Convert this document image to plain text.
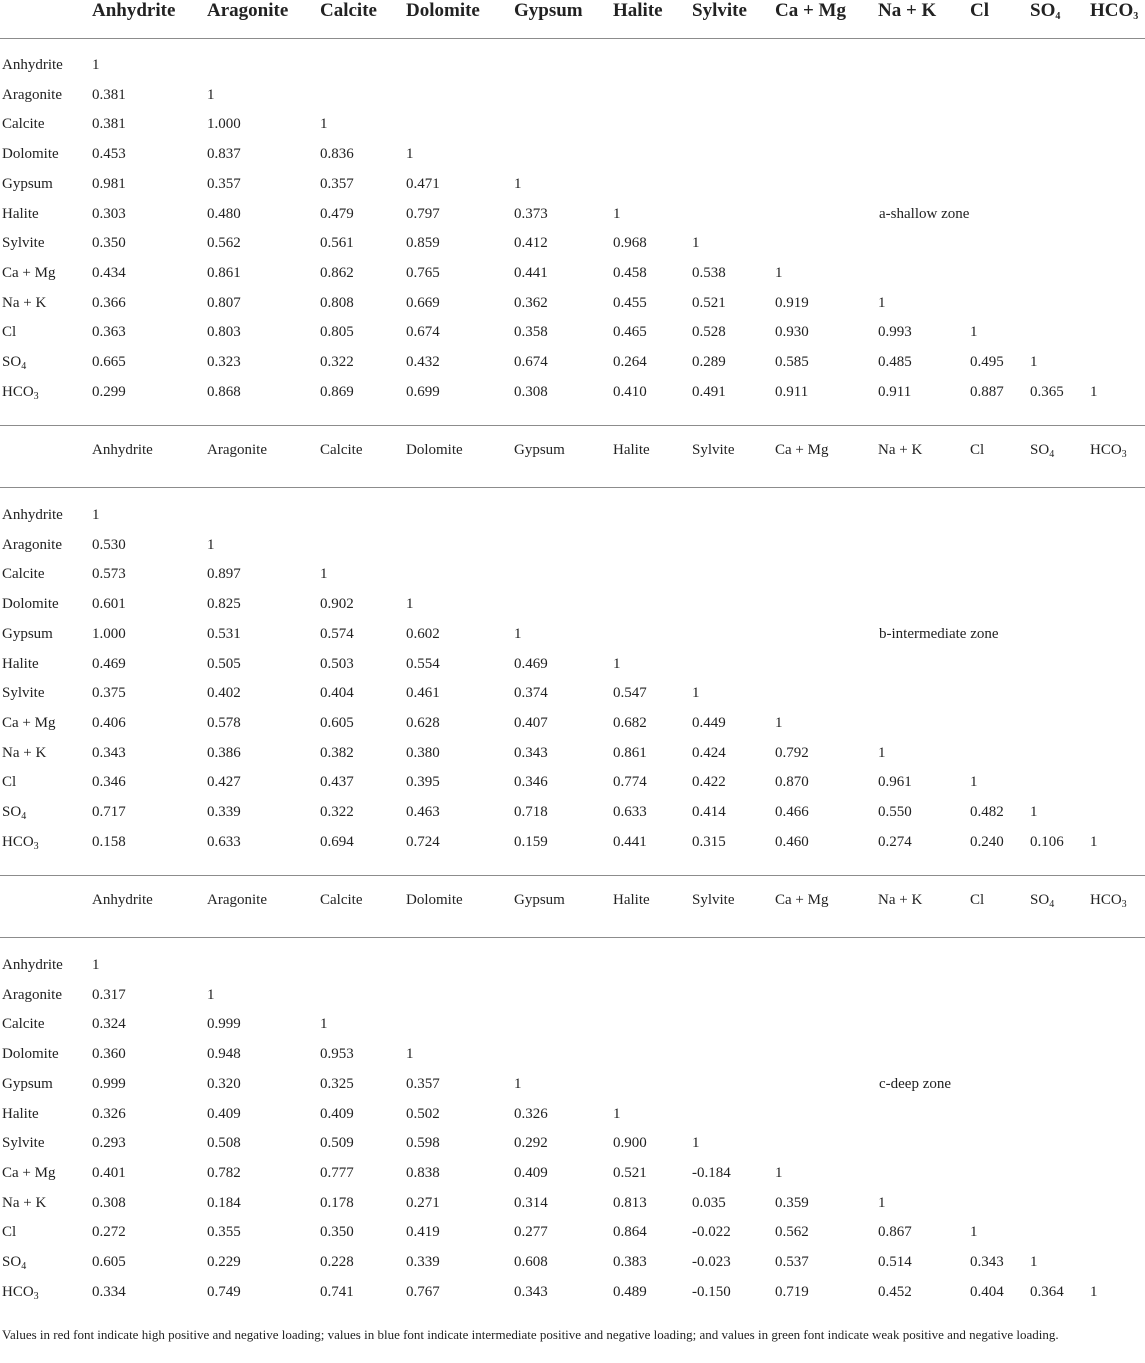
Anhydrite Aragonite Calcite Dolomite Gypsum Halite Sylvite Ca + Mg Na + K Cl $SO_4$ $HCO_3$
Anhydrite 1
Aragonite 0.381	1
Calcite	0.381	1.000	1
Dolomite 0.453	0.837	0.836	1
Gypsum	0.981	0.357	0.357	0.471	1
Halite	0.303	0.480	0.479	0.797	0.373	1	a-shallow zone
Sylvite	0.350	0.562	0.561	0.859	0.412	0.968	1
Ca + Mg 0.434	0.861	0.862	0.765	0.441	0.458	0.538	1
Na + K	0.366	0.807	0.808	0.669	0.362	0.455	0.521	0.919	1
Cl	0.363	0.803	0.805	0.674	0.358	0.465	0.528	0.930	0.993	1
$SO_4$	0.665	0.323	0.322	0.432	0.674	0.264	0.289	0.585	0.485	0.495 1
$HCO_3$	0.299	0.868	0.869	0.699	0.308	0.410	0.491	0.911	0.911	0.887 0.365 1
Anhydrite	Aragonite	Calcite	Dolomite	Gypsum	Halite	Sylvite	Ca + Mg	Na + K	Cl	$SO_4$ $HCO_3$
Anhydrite 1
Aragonite 0.530	1
Calcite	0.573	0.897	1
Dolomite 0.601	0.825	0.902	1
Gypsum	1.000	0.531	0.574	0.602	1	b-intermediate zone
Halite	0.469	0.505	0.503	0.554	0.469	1
Sylvite	0.375	0.402	0.404	0.461	0.374	0.547	1
Ca + Mg 0.406	0.578	0.605	0.628	0.407	0.682	0.449	1
Na + K	0.343	0.386	0.382	0.380	0.343	0.861	0.424	0.792	1
Cl	0.346	0.427	0.437	0.395	0.346	0.774	0.422	0.870	0.961	1
$SO_4$	0.717	0.339	0.322	0.463	0.718	0.633	0.414	0.466	0.550	0.482 1
$HCO_3$	0.158	0.633	0.694	0.724	0.159	0.441	0.315	0.460	0.274	0.240 0.106 1
Anhydrite	Aragonite	Calcite	Dolomite	Gypsum	Halite	Sylvite	Ca + Mg	Na + K	Cl	$SO_4$ $HCO_3$
Anhydrite 1
Aragonite 0.317	1
Calcite	0.324	0.999	1
Dolomite 0.360	0.948	0.953	1
Gypsum	0.999	0.320	0.325	0.357	1	c-deep zone
Halite	0.326	0.409	0.409	0.502	0.326	1
Sylvite	0.293	0.508	0.509	0.598	0.292	0.900	1
Ca + Mg 0.401	0.782	0.777	0.838	0.409	0.521	-0.184	1
Na + K	0.308	0.184	0.178	0.271	0.314	0.813	0.035	0.359	1
Cl	0.272	0.355	0.350	0.419	0.277	0.864	-0.022	0.562	0.867	1
$SO_4$	0.605	0.229	0.228	0.339	0.608	0.383	-0.023	0.537	0.514	0.343 1
$HCO_3$	0.334	0.749	0.741	0.767	0.343	0.489	-0.150	0.719	0.452	0.404 0.364 1
Values in red font indicate high positive and negative loading; values in blue font indicate intermediate positive and negative loading; and values in green font indicate weak positive and negative loading.
